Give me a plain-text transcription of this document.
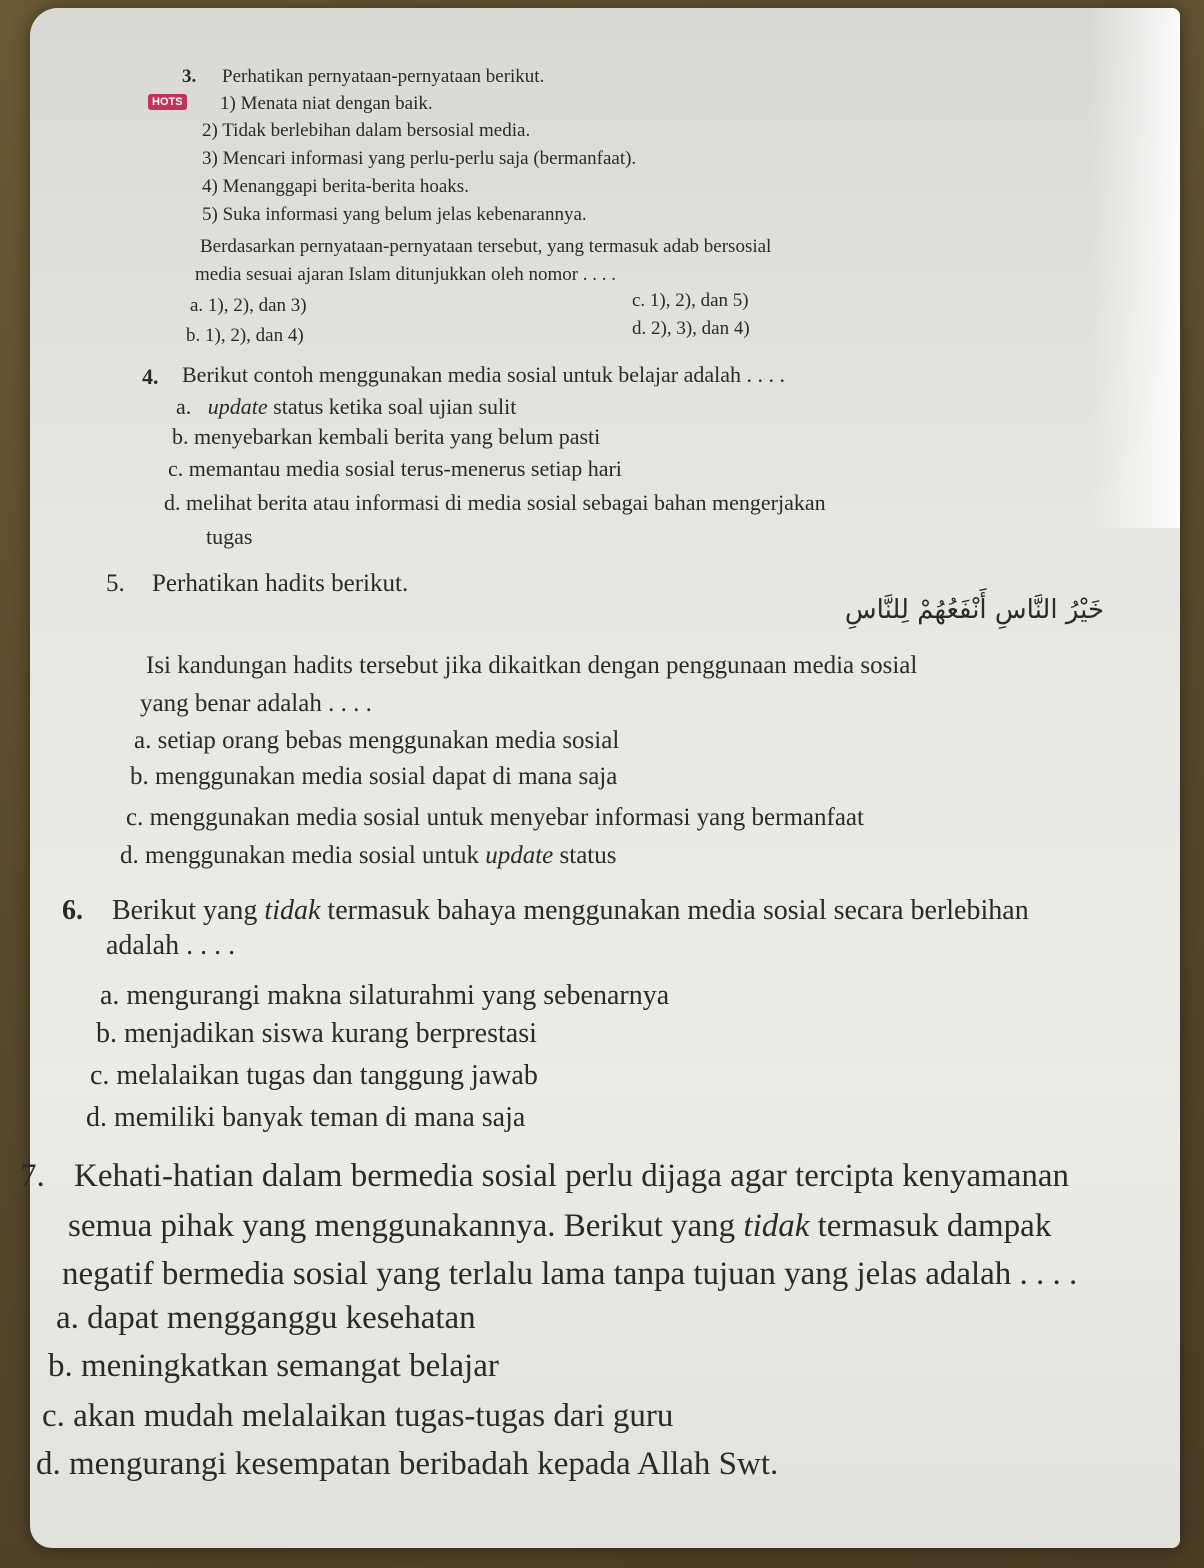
3. Perhatikan pernyataan-pernyataan berikut.
HOTS 1) Menata niat dengan baik.
2) Tidak berlebihan dalam bersosial media.
3) Mencari informasi yang perlu-perlu saja (bermanfaat).
4) Menanggapi berita-berita hoaks.
5) Suka informasi yang belum jelas kebenarannya.
Berdasarkan pernyataan-pernyataan tersebut, yang termasuk adab bersosial
media sesuai ajaran Islam ditunjukkan oleh nomor . . . .
a. 1), 2), dan 3)	c. 1), 2), dan 5)
b. 1), 2), dan 4)	d. 2), 3), dan 4)
4. Berikut contoh menggunakan media sosial untuk belajar adalah . . . .
a. update status ketika soal ujian sulit
b. menyebarkan kembali berita yang belum pasti
c. memantau media sosial terus-menerus setiap hari
d. melihat berita atau informasi di media sosial sebagai bahan mengerjakan
tugas
5. Perhatikan hadits berikut.
خَيْرُ النَّاسِ أَنْفَعُهُمْ لِلنَّاسِ
Isi kandungan hadits tersebut jika dikaitkan dengan penggunaan media sosial
yang benar adalah . . . .
a. setiap orang bebas menggunakan media sosial
b. menggunakan media sosial dapat di mana saja
c. menggunakan media sosial untuk menyebar informasi yang bermanfaat
d. menggunakan media sosial untuk update status
6. Berikut yang tidak termasuk bahaya menggunakan media sosial secara berlebihan
adalah . . . .
a. mengurangi makna silaturahmi yang sebenarnya
b. menjadikan siswa kurang berprestasi
c. melalaikan tugas dan tanggung jawab
d. memiliki banyak teman di mana saja
7. Kehati-hatian dalam bermedia sosial perlu dijaga agar tercipta kenyamanan
semua pihak yang menggunakannya. Berikut yang tidak termasuk dampak
negatif bermedia sosial yang terlalu lama tanpa tujuan yang jelas adalah . . . .
a. dapat mengganggu kesehatan
b. meningkatkan semangat belajar
c. akan mudah melalaikan tugas-tugas dari guru
d. mengurangi kesempatan beribadah kepada Allah Swt.
